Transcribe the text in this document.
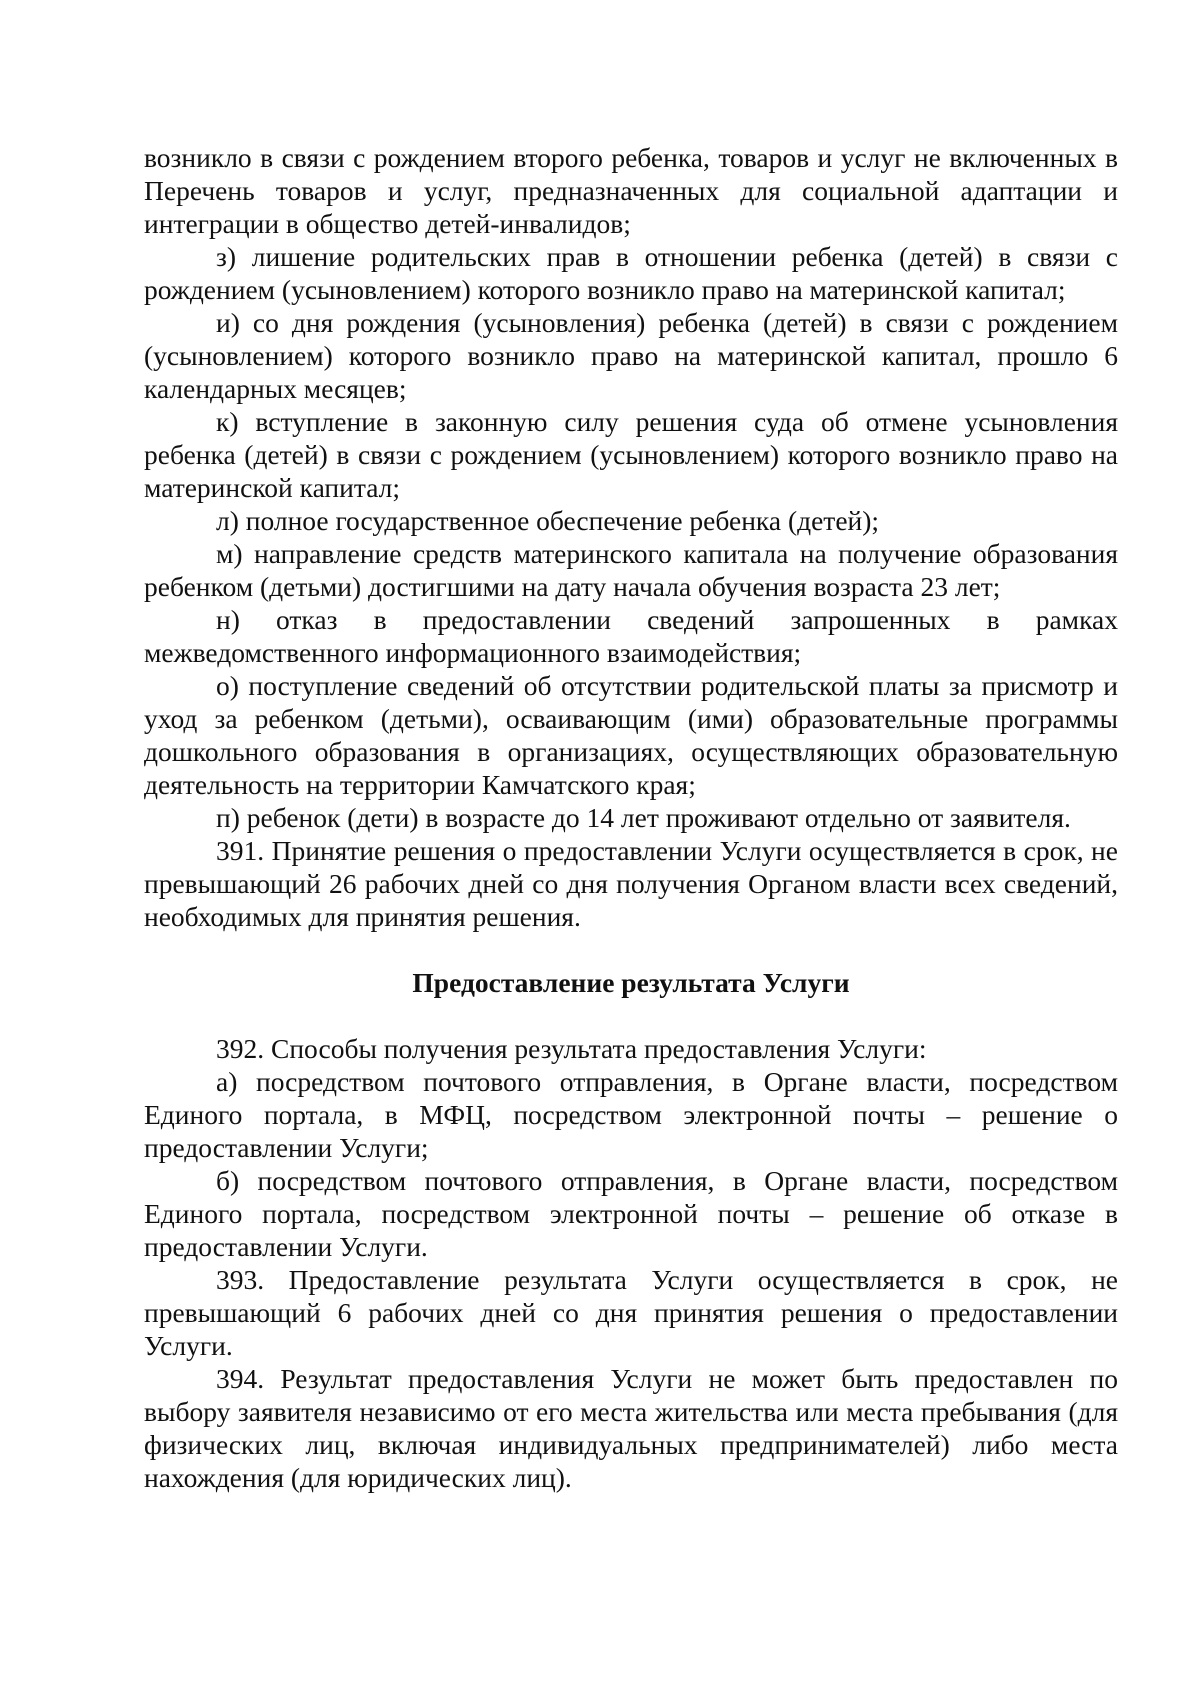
возникло в связи с рождением второго ребенка, товаров и услуг не включенных в Перечень товаров и услуг, предназначенных для социальной адаптации и интеграции в общество детей-инвалидов;

з) лишение родительских прав в отношении ребенка (детей) в связи с рождением (усыновлением) которого возникло право на материнской капитал;

и) со дня рождения (усыновления) ребенка (детей) в связи с рождением (усыновлением) которого возникло право на материнской капитал, прошло 6 календарных месяцев;

к) вступление в законную силу решения суда об отмене усыновления ребенка (детей) в связи с рождением (усыновлением) которого возникло право на материнской капитал;

л) полное государственное обеспечение ребенка (детей);

м) направление средств материнского капитала на получение образования ребенком (детьми) достигшими на дату начала обучения возраста 23 лет;

н) отказ в предоставлении сведений запрошенных в рамках межведомственного информационного взаимодействия;

о) поступление сведений об отсутствии родительской платы за присмотр и уход за ребенком (детьми), осваивающим (ими) образовательные программы дошкольного образования в организациях, осуществляющих образовательную деятельность на территории Камчатского края;

п) ребенок (дети) в возрасте до 14 лет проживают отдельно от заявителя.

391. Принятие решения о предоставлении Услуги осуществляется в срок, не превышающий 26 рабочих дней со дня получения Органом власти всех сведений, необходимых для принятия решения.

Предоставление результата Услуги

392. Способы получения результата предоставления Услуги:

а) посредством почтового отправления, в Органе власти, посредством Единого портала, в МФЦ, посредством электронной почты – решение о предоставлении Услуги;

б) посредством почтового отправления, в Органе власти, посредством Единого портала, посредством электронной почты – решение об отказе в предоставлении Услуги.

393. Предоставление результата Услуги осуществляется в срок, не превышающий 6 рабочих дней со дня принятия решения о предоставлении Услуги.

394. Результат предоставления Услуги не может быть предоставлен по выбору заявителя независимо от его места жительства или места пребывания (для физических лиц, включая индивидуальных предпринимателей) либо места нахождения (для юридических лиц).
